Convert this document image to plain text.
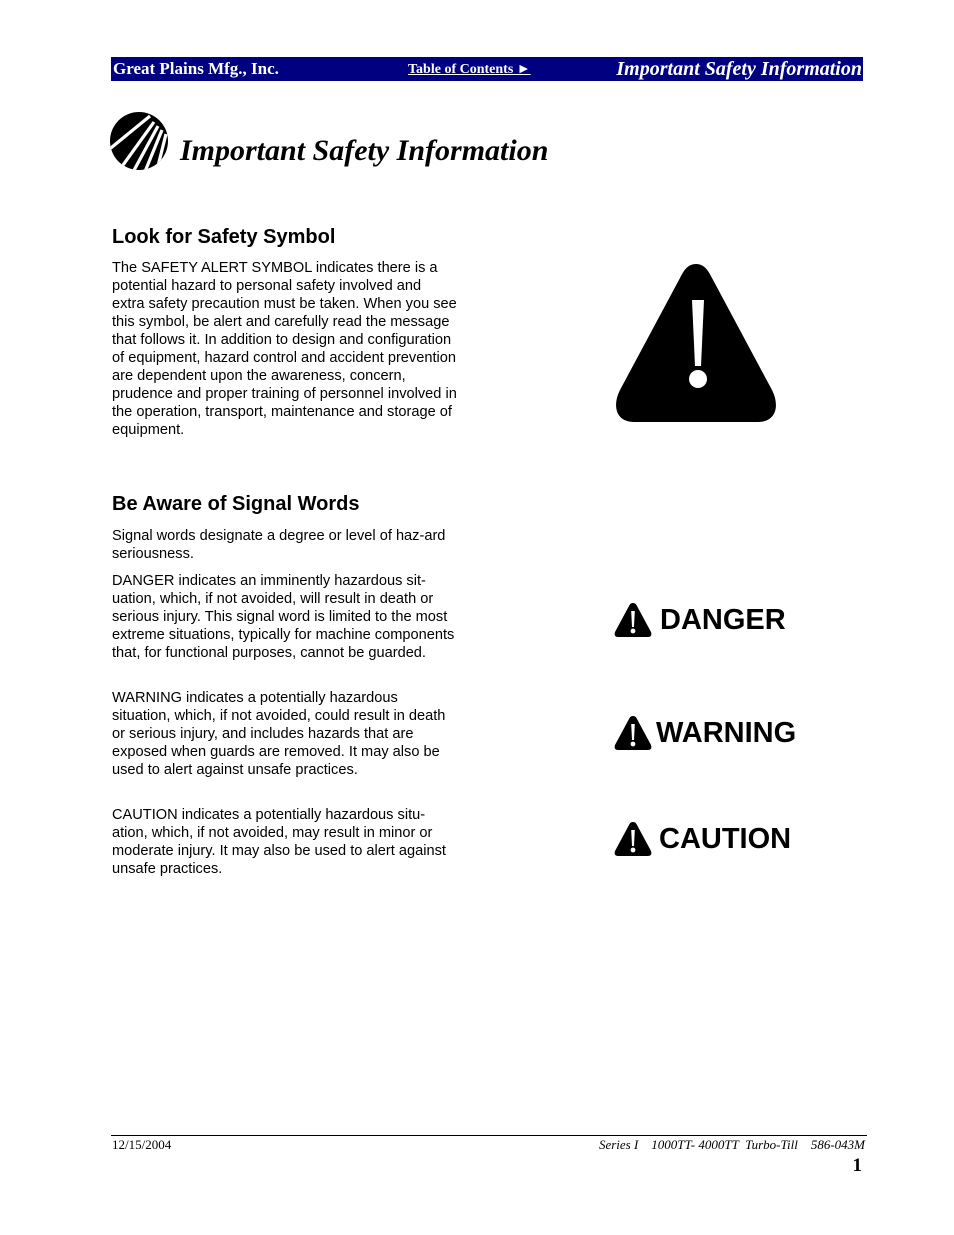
Great Plains Mfg., Inc.	Table of Contents ►	Important Safety Information
Important Safety Information
Look for Safety Symbol

The SAFETY ALERT SYMBOL indicates there is a potential hazard to personal safety involved and extra safety precaution must be taken. When you see this symbol, be alert and carefully read the message that follows it. In addition to design and configuration of equipment, hazard control and accident prevention are dependent upon the awareness, concern, prudence and proper training of personnel involved in the operation, transport, maintenance and storage of equipment.

Be Aware of Signal Words

Signal words designate a degree or level of haz-ard seriousness.

DANGER indicates an imminently hazardous sit-uation, which, if not avoided, will result in death or serious injury. This signal word is limited to the most extreme situations, typically for machine components that, for functional purposes, cannot be guarded.

WARNING indicates a potentially hazardous situation, which, if not avoided, could result in death or serious injury, and includes hazards that are exposed when guards are removed. It may also be used to alert against unsafe practices.

CAUTION indicates a potentially hazardous situ-ation, which, if not avoided, may result in minor or moderate injury. It may also be used to alert against unsafe practices.

DANGER
WARNING
CAUTION
12/15/2004	Series I    1000TT- 4000TT  Turbo-Till    586-043M
1
